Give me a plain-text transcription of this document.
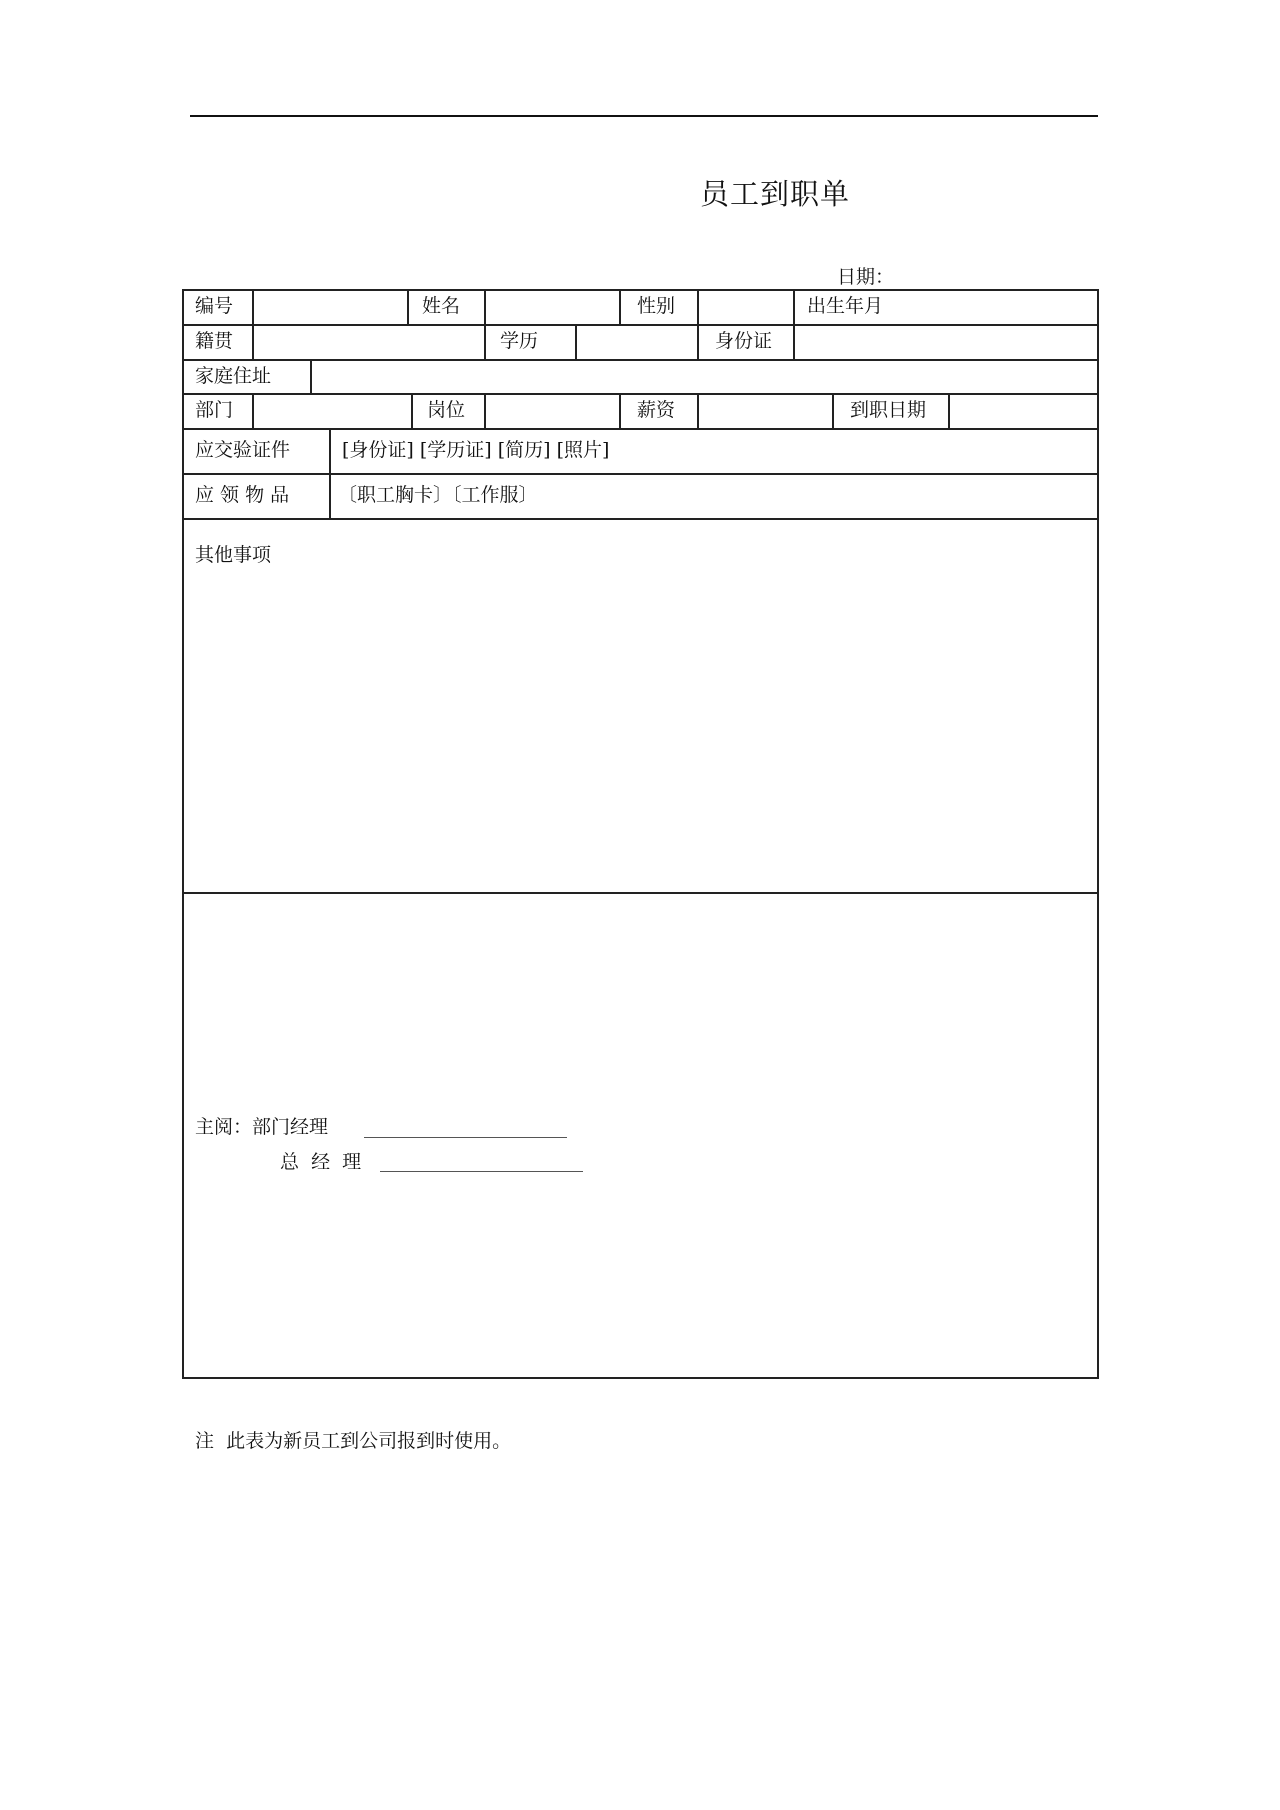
员工到职单
日期：
编号	姓名	性别	出生年月
籍贯	学历	身份证
家庭住址
部门	岗位	薪资	到职日期
应交验证件	[身份证] [学历证] [简历] [照片]
应 领 物 品	〔职工胸卡〕〔工作服〕
其他事项
主阅：部门经理
总  经  理
注  此表为新员工到公司报到时使用。
